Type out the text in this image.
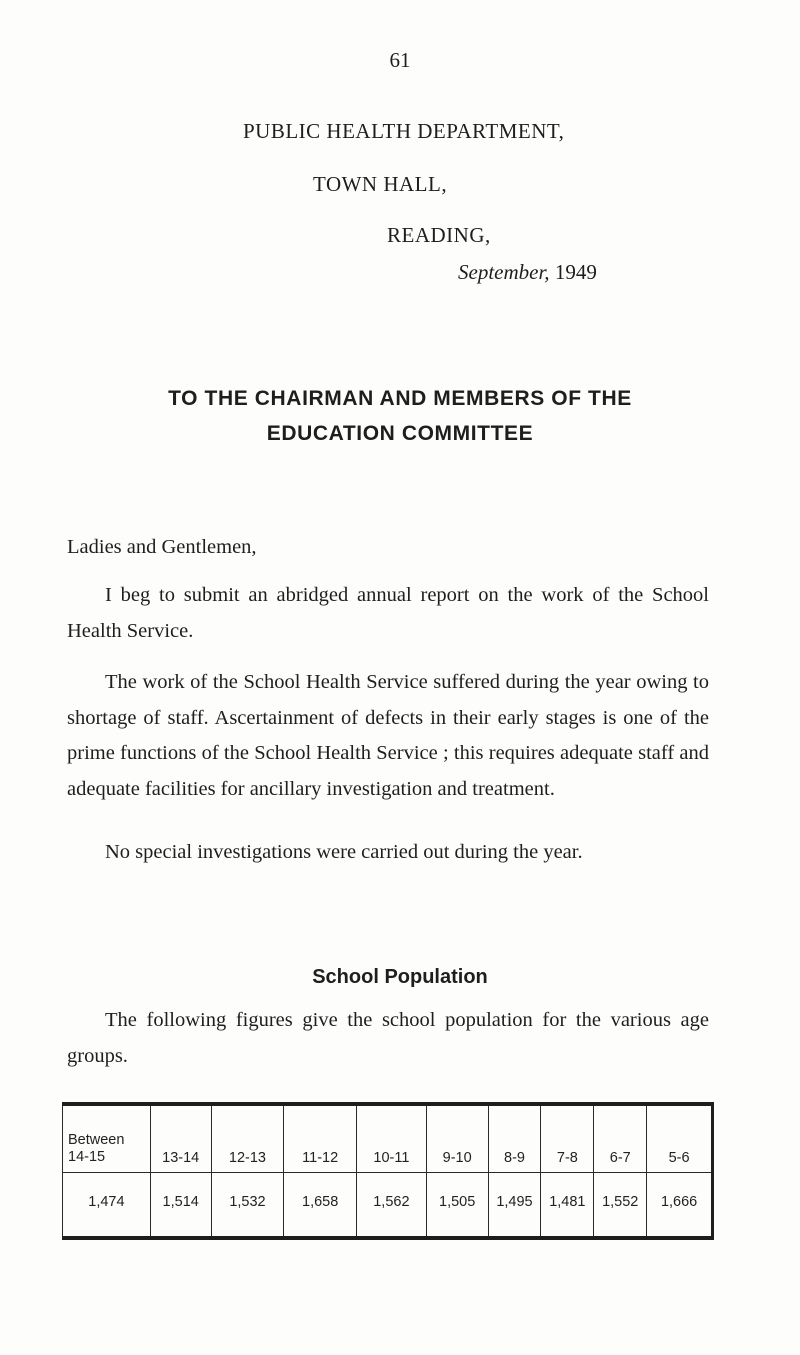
61
PUBLIC HEALTH DEPARTMENT,
TOWN HALL,
READING,
September, 1949
TO THE CHAIRMAN AND MEMBERS OF THE
EDUCATION COMMITTEE
Ladies and Gentlemen,
I beg to submit an abridged annual report on the work of the School Health Service.
The work of the School Health Service suffered during the year owing to shortage of staff. Ascertainment of defects in their early stages is one of the prime functions of the School Health Service ; this requires adequate staff and adequate facilities for ancillary investigation and treatment.
No special investigations were carried out during the year.
School Population
The following figures give the school population for the various age groups.
Between
14-15	13-14	12-13	11-12	10-11	9-10	8-9	7-8	6-7	5-6
1,474	1,514	1,532	1,658	1,562	1,505	1,495	1,481	1,552	1,666
